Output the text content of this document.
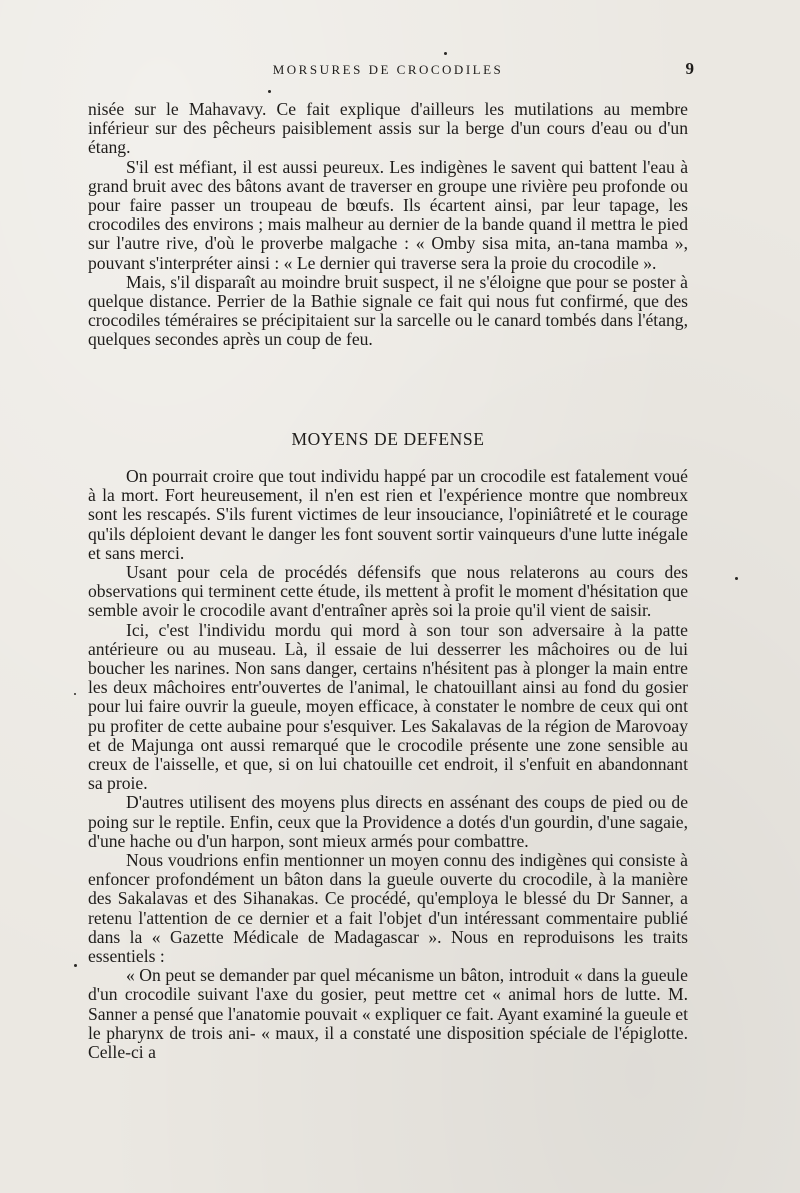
MORSURES DE CROCODILES	9

nisée sur le Mahavavy. Ce fait explique d'ailleurs les mutilations au membre inférieur sur des pêcheurs paisiblement assis sur la berge d'un cours d'eau ou d'un étang.

S'il est méfiant, il est aussi peureux. Les indigènes le savent qui battent l'eau à grand bruit avec des bâtons avant de traverser en groupe une rivière peu profonde ou pour faire passer un troupeau de bœufs. Ils écartent ainsi, par leur tapage, les crocodiles des environs ; mais malheur au dernier de la bande quand il mettra le pied sur l'autre rive, d'où le proverbe malgache : « Omby sisa mita, an-tana mamba », pouvant s'interpréter ainsi : « Le dernier qui traverse sera la proie du crocodile ».

Mais, s'il disparaît au moindre bruit suspect, il ne s'éloigne que pour se poster à quelque distance. Perrier de la Bathie signale ce fait qui nous fut confirmé, que des crocodiles téméraires se précipitaient sur la sarcelle ou le canard tombés dans l'étang, quelques secondes après un coup de feu.

MOYENS DE DEFENSE

On pourrait croire que tout individu happé par un crocodile est fatalement voué à la mort. Fort heureusement, il n'en est rien et l'expérience montre que nombreux sont les rescapés. S'ils furent victimes de leur insouciance, l'opiniâtreté et le courage qu'ils déploient devant le danger les font souvent sortir vainqueurs d'une lutte inégale et sans merci.

Usant pour cela de procédés défensifs que nous relaterons au cours des observations qui terminent cette étude, ils mettent à profit le moment d'hésitation que semble avoir le crocodile avant d'entraîner après soi la proie qu'il vient de saisir.

Ici, c'est l'individu mordu qui mord à son tour son adversaire à la patte antérieure ou au museau. Là, il essaie de lui desserrer les mâchoires ou de lui boucher les narines. Non sans danger, certains n'hésitent pas à plonger la main entre les deux mâchoires entr'ouvertes de l'animal, le chatouillant ainsi au fond du gosier pour lui faire ouvrir la gueule, moyen efficace, à constater le nombre de ceux qui ont pu profiter de cette aubaine pour s'esquiver. Les Sakalavas de la région de Marovoay et de Majunga ont aussi remarqué que le crocodile présente une zone sensible au creux de l'aisselle, et que, si on lui chatouille cet endroit, il s'enfuit en abandonnant sa proie.

D'autres utilisent des moyens plus directs en assénant des coups de pied ou de poing sur le reptile. Enfin, ceux que la Providence a dotés d'un gourdin, d'une sagaie, d'une hache ou d'un harpon, sont mieux armés pour combattre.

Nous voudrions enfin mentionner un moyen connu des indigènes qui consiste à enfoncer profondément un bâton dans la gueule ouverte du crocodile, à la manière des Sakalavas et des Sihanakas. Ce procédé, qu'employa le blessé du Dr Sanner, a retenu l'attention de ce dernier et a fait l'objet d'un intéressant commentaire publié dans la « Gazette Médicale de Madagascar ». Nous en reproduisons les traits essentiels :

« On peut se demander par quel mécanisme un bâton, introduit « dans la gueule d'un crocodile suivant l'axe du gosier, peut mettre cet « animal hors de lutte. M. Sanner a pensé que l'anatomie pouvait « expliquer ce fait. Ayant examiné la gueule et le pharynx de trois ani- « maux, il a constaté une disposition spéciale de l'épiglotte. Celle-ci a
